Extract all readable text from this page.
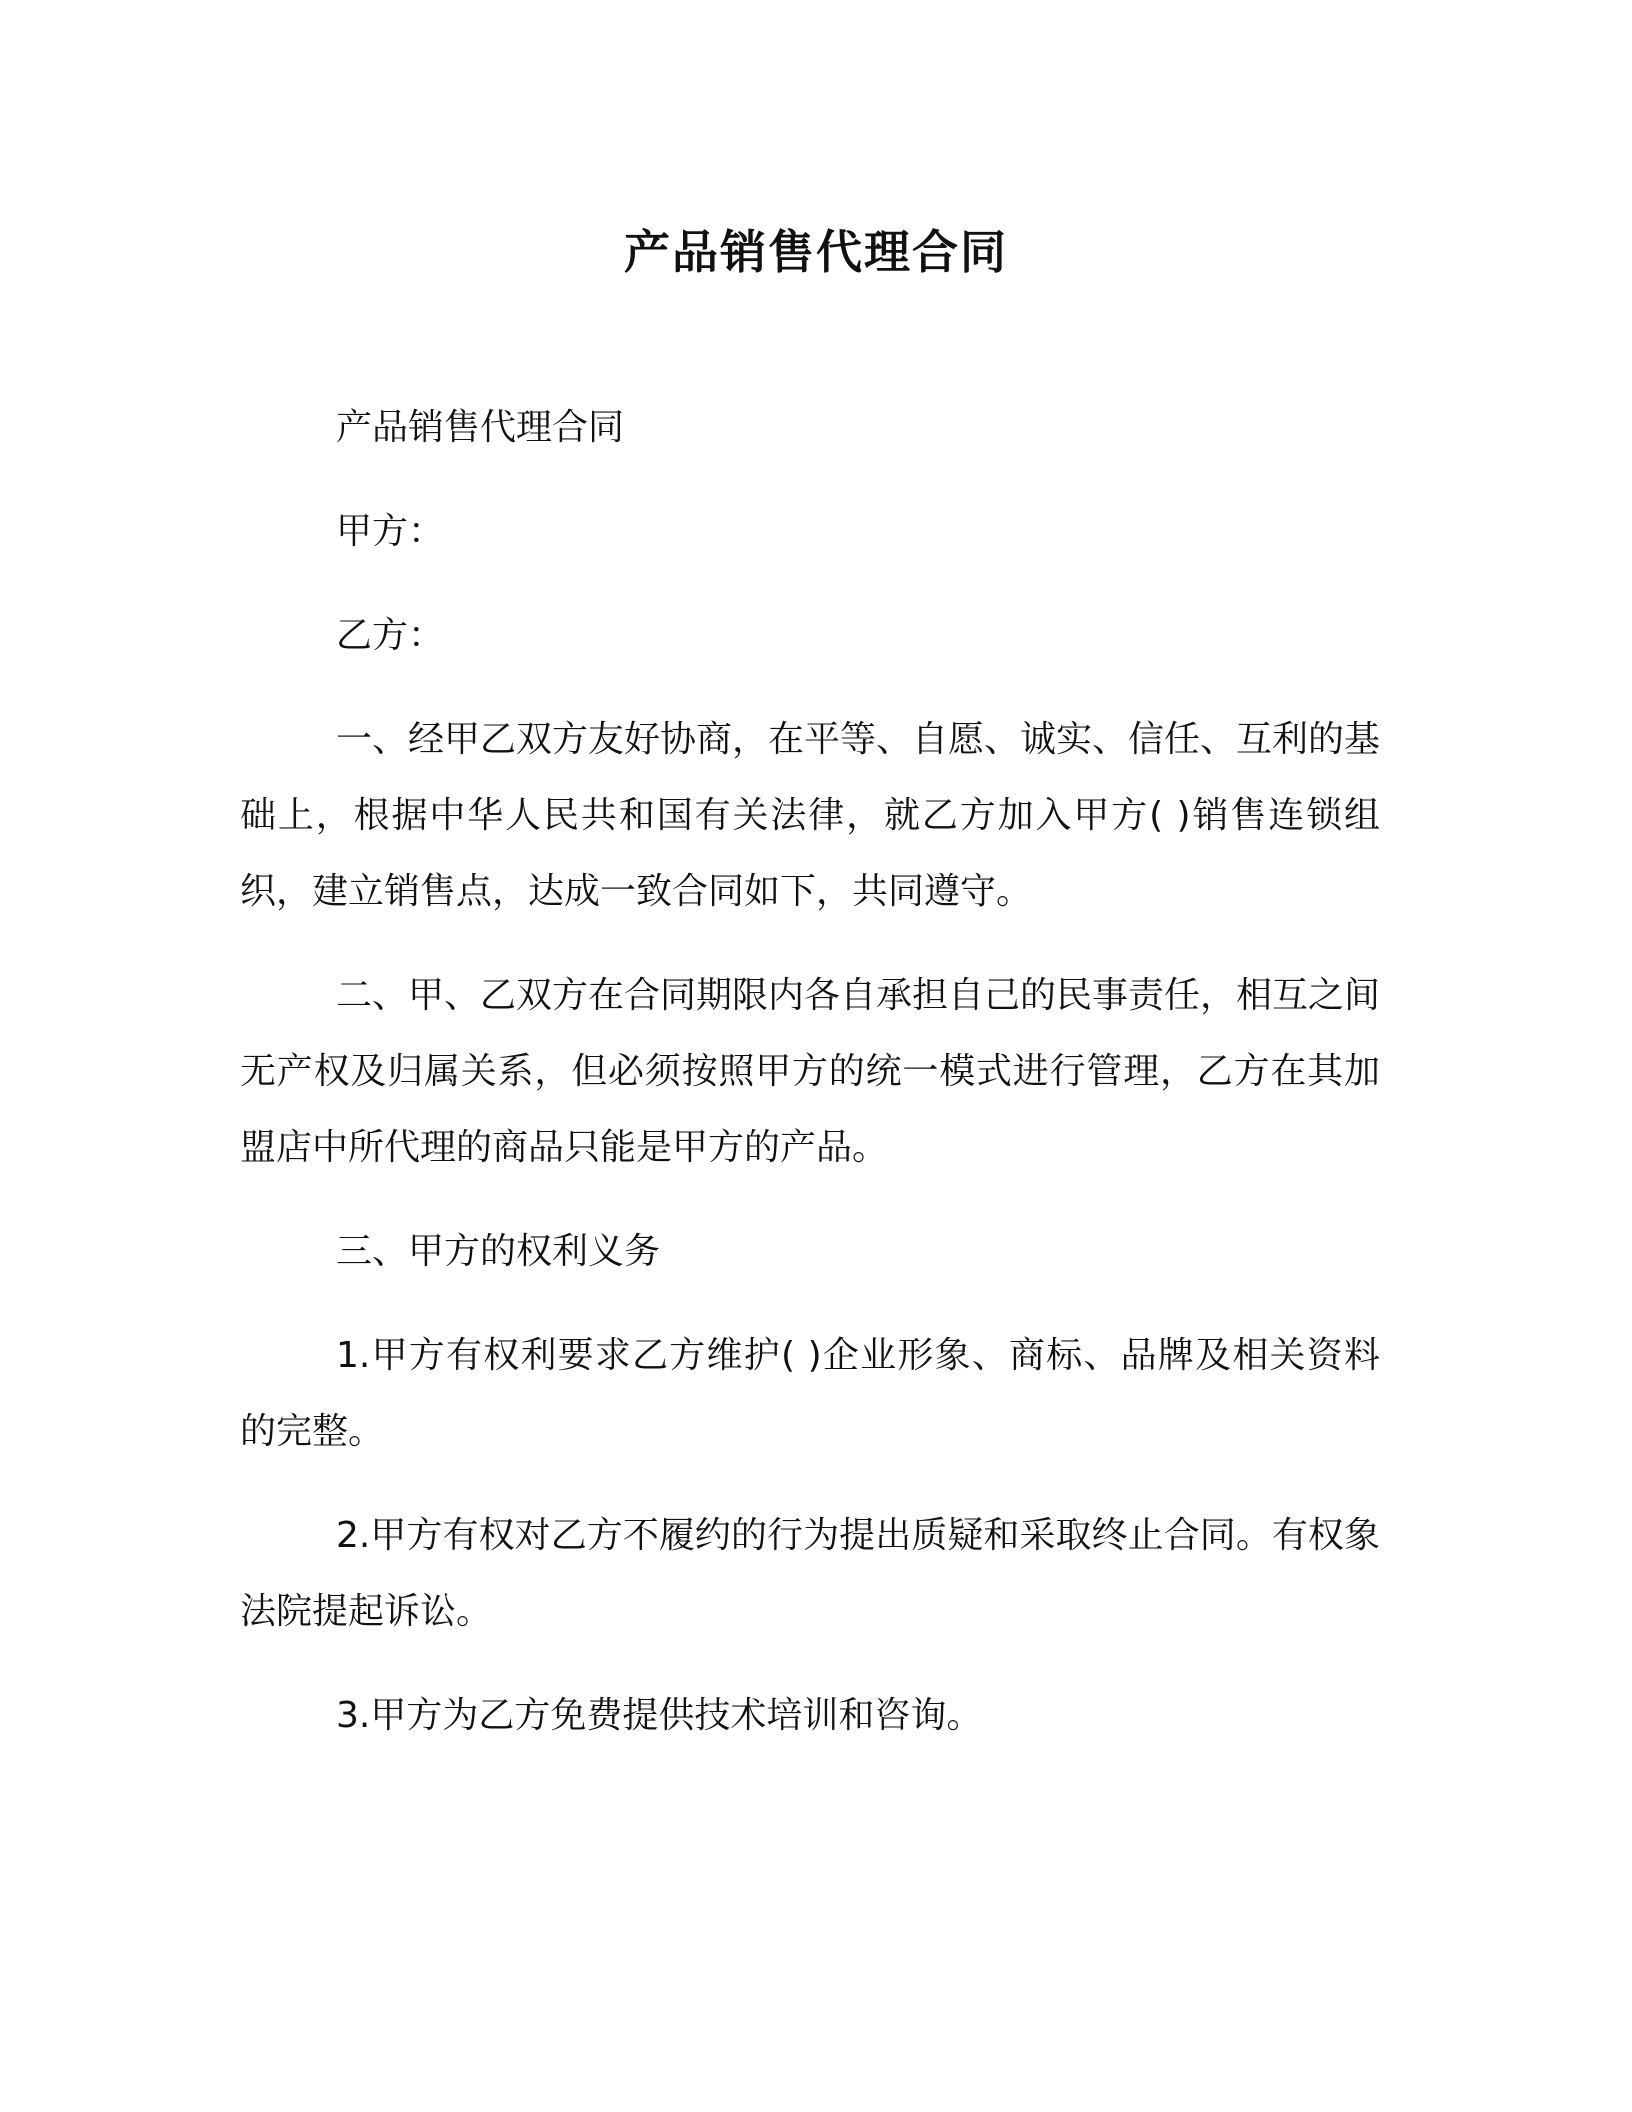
产品销售代理合同

产品销售代理合同

甲方：

乙方：

一、经甲乙双方友好协商，在平等、自愿、诚实、信任、互利的基础上，根据中华人民共和国有关法律，就乙方加入甲方( )销售连锁组织，建立销售点，达成一致合同如下，共同遵守。

二、甲、乙双方在合同期限内各自承担自己的民事责任，相互之间无产权及归属关系，但必须按照甲方的统一模式进行管理，乙方在其加盟店中所代理的商品只能是甲方的产品。

三、甲方的权利义务

1.甲方有权利要求乙方维护( )企业形象、商标、品牌及相关资料的完整。

2.甲方有权对乙方不履约的行为提出质疑和采取终止合同。有权象法院提起诉讼。

3.甲方为乙方免费提供技术培训和咨询。
